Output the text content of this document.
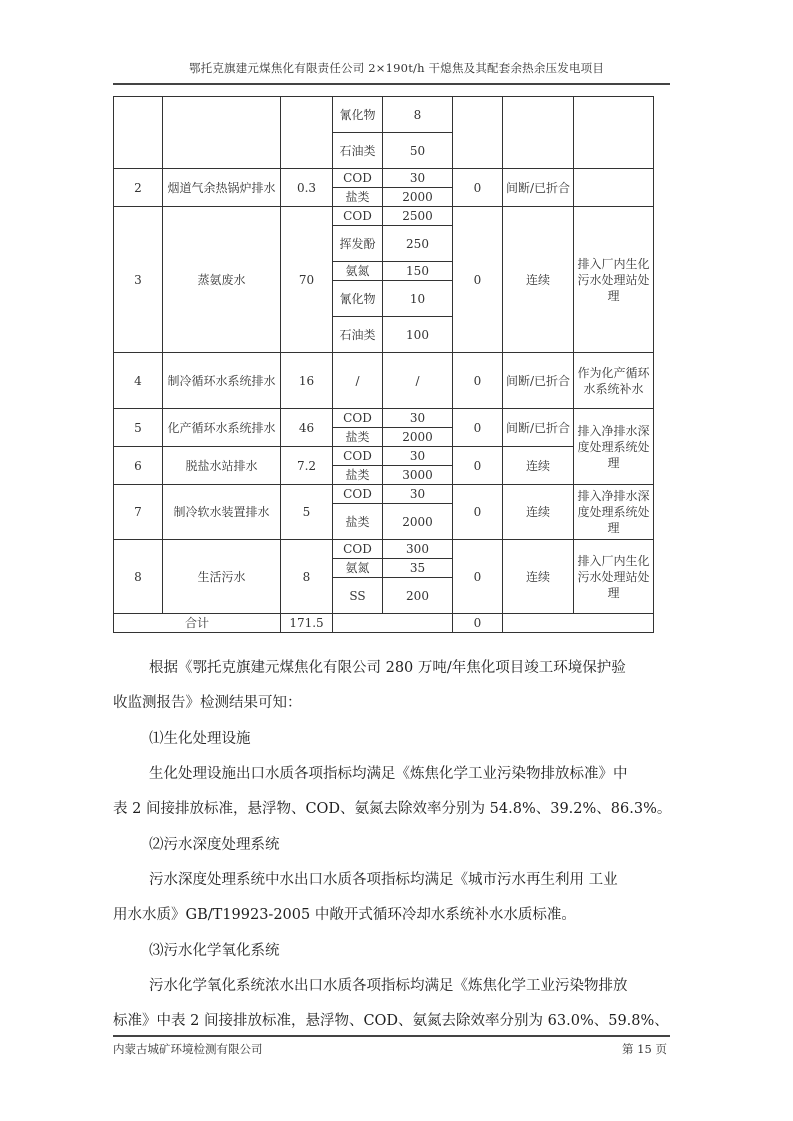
鄂托克旗建元煤焦化有限责任公司 2×190t/h 干熄焦及其配套余热余压发电项目
			氰化物	8			
			石油类	50			
2	烟道气余热锅炉排水	0.3	COD	30	0	间断/已折合	
			盐类	2000			
3	蒸氨废水	70	COD	2500	0	连续	排入厂内生化污水处理站处理
			挥发酚	250			
			氨氮	150			
			氰化物	10			
			石油类	100			
4	制冷循环水系统排水	16	/	/	0	间断/已折合	作为化产循环水系统补水
5	化产循环水系统排水	46	COD	30	0	间断/已折合	排入净排水深度处理系统处理
			盐类	2000			
6	脱盐水站排水	7.2	COD	30	0	连续	
			盐类	3000			
7	制冷软水装置排水	5	COD	30	0	连续	排入净排水深度处理系统处理
			盐类	2000			
8	生活污水	8	COD	300	0	连续	排入厂内生化污水处理站处理
			氨氮	35			
			SS	200			
合计		171.5			0		
根据《鄂托克旗建元煤焦化有限公司 280 万吨/年焦化项目竣工环境保护验
收监测报告》检测结果可知：
⑴生化处理设施
生化处理设施出口水质各项指标均满足《炼焦化学工业污染物排放标准》中
表 2 间接排放标准，悬浮物、COD、氨氮去除效率分别为 54.8%、39.2%、86.3%。
⑵污水深度处理系统
污水深度处理系统中水出口水质各项指标均满足《城市污水再生利用 工业
用水水质》GB/T19923-2005 中敞开式循环冷却水系统补水水质标准。
⑶污水化学氧化系统
污水化学氧化系统浓水出口水质各项指标均满足《炼焦化学工业污染物排放
标准》中表 2 间接排放标准，悬浮物、COD、氨氮去除效率分别为 63.0%、59.8%、
内蒙古城矿环境检测有限公司	第 15 页
